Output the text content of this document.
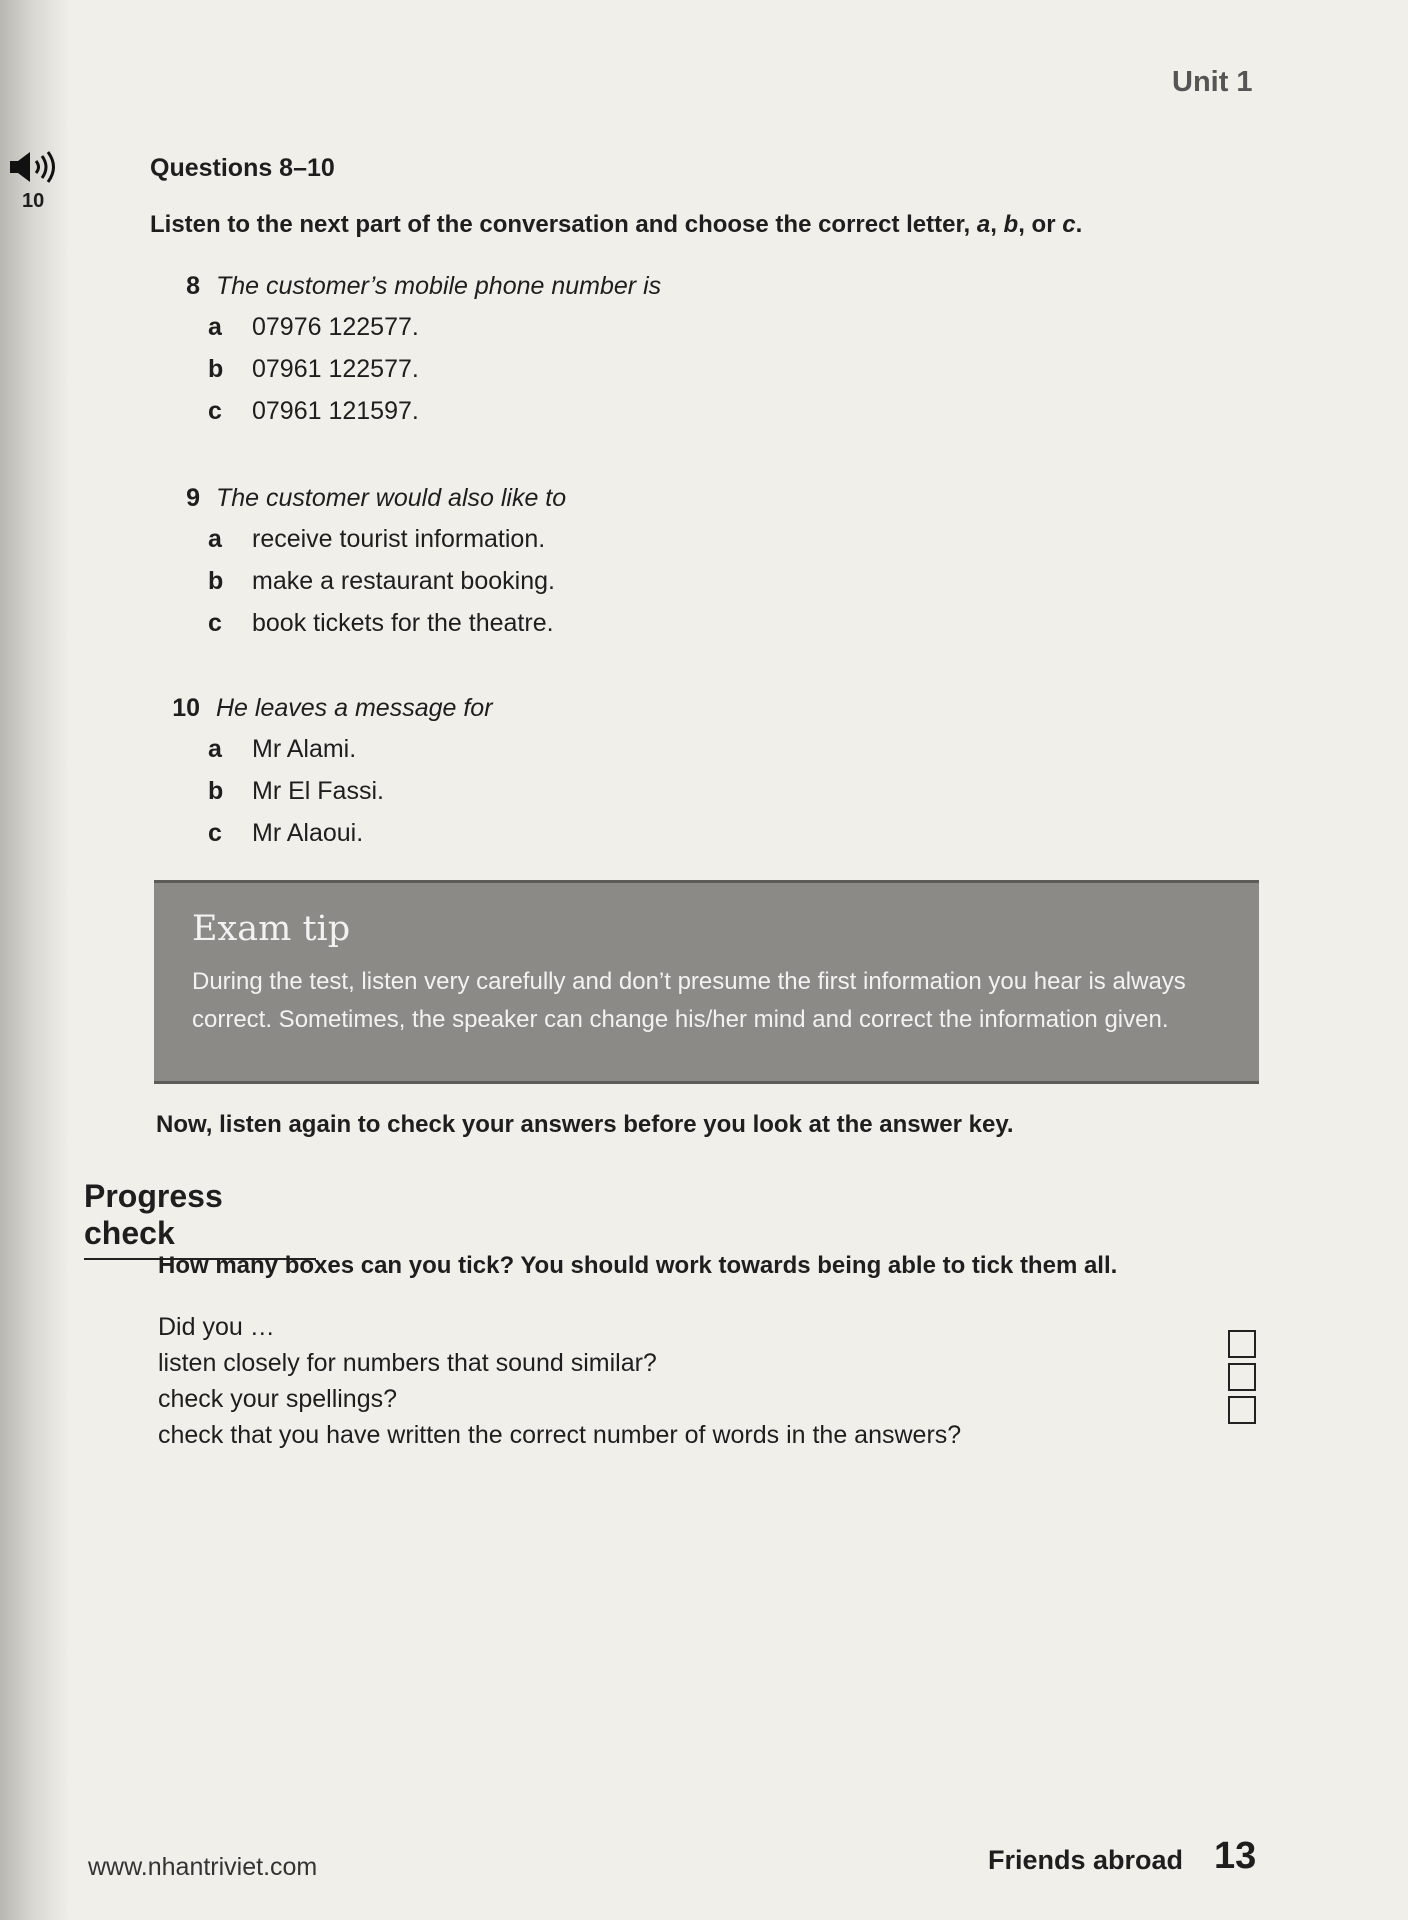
Unit 1
10
Questions 8–10
Listen to the next part of the conversation and choose the correct letter, a, b, or c.
8 The customer’s mobile phone number is
a	07976 122577.
b	07961 122577.
c	07961 121597.
9 The customer would also like to
a	receive tourist information.
b	make a restaurant booking.
c	book tickets for the theatre.
10 He leaves a message for
a	Mr Alami.
b	Mr El Fassi.
c	Mr Alaoui.
Exam tip
During the test, listen very carefully and don’t presume the first information you hear is always correct. Sometimes, the speaker can change his/her mind and correct the information given.
Now, listen again to check your answers before you look at the answer key.
Progress check
How many boxes can you tick? You should work towards being able to tick them all.
Did you …
listen closely for numbers that sound similar?
check your spellings?
check that you have written the correct number of words in the answers?
www.nhantriviet.com	Friends abroad 13
